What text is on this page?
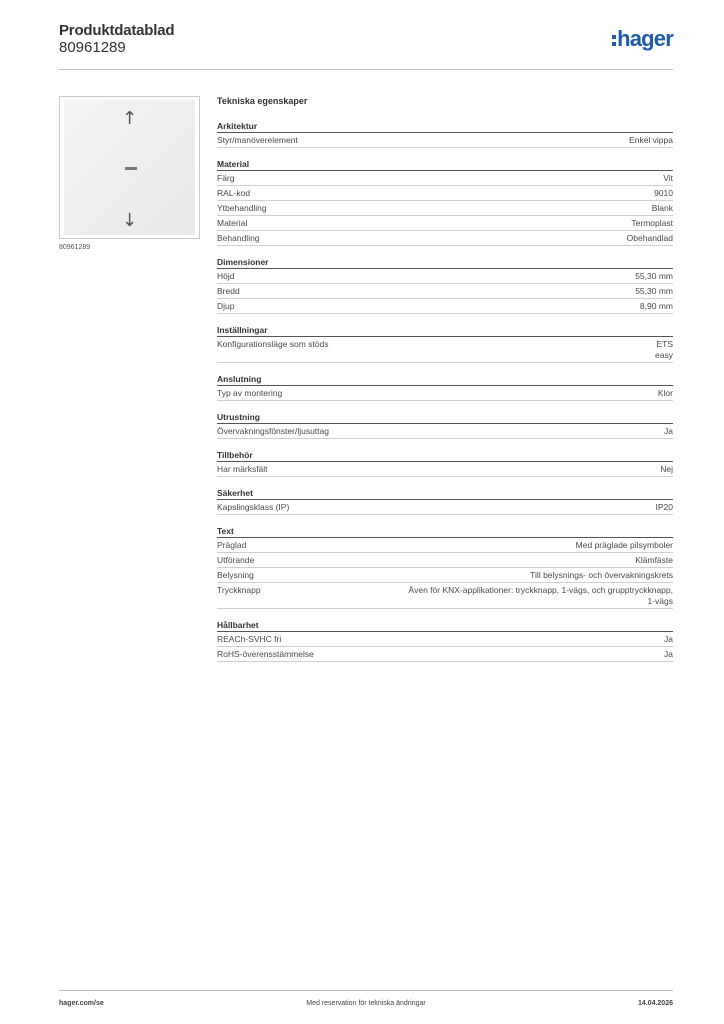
Produktdatablad
80961289	hager
↑
↓
80961289
Tekniska egenskaper
Arkitektur
Styr/manöverelement	Enkel vippa
Material
Färg	Vit
RAL-kod	9010
Ytbehandling	Blank
Material	Termoplast
Behandling	Obehandlad
Dimensioner
Höjd	55,30 mm
Bredd	55,30 mm
Djup	8,90 mm
Inställningar
Konfigurationsläge som stöds	ETS
easy
Anslutning
Typ av montering	Klor
Utrustning
Övervakningsfönster/ljusuttag	Ja
Tillbehör
Har märksfält	Nej
Säkerhet
Kapslingsklass (IP)	IP20
Text
Präglad	Med präglade pilsymboler
Utförande	Klämfäste
Belysning	Till belysnings- och övervakningskrets
Tryckknapp	Även för KNX-applikationer: tryckknapp, 1-vägs, och grupptryckknapp,
1-vägs
Hållbarhet
REACh-SVHC fri	Ja
RoHS-överensstämmelse	Ja
hager.com/se	Med reservation för tekniska ändringar	14.04.2026
